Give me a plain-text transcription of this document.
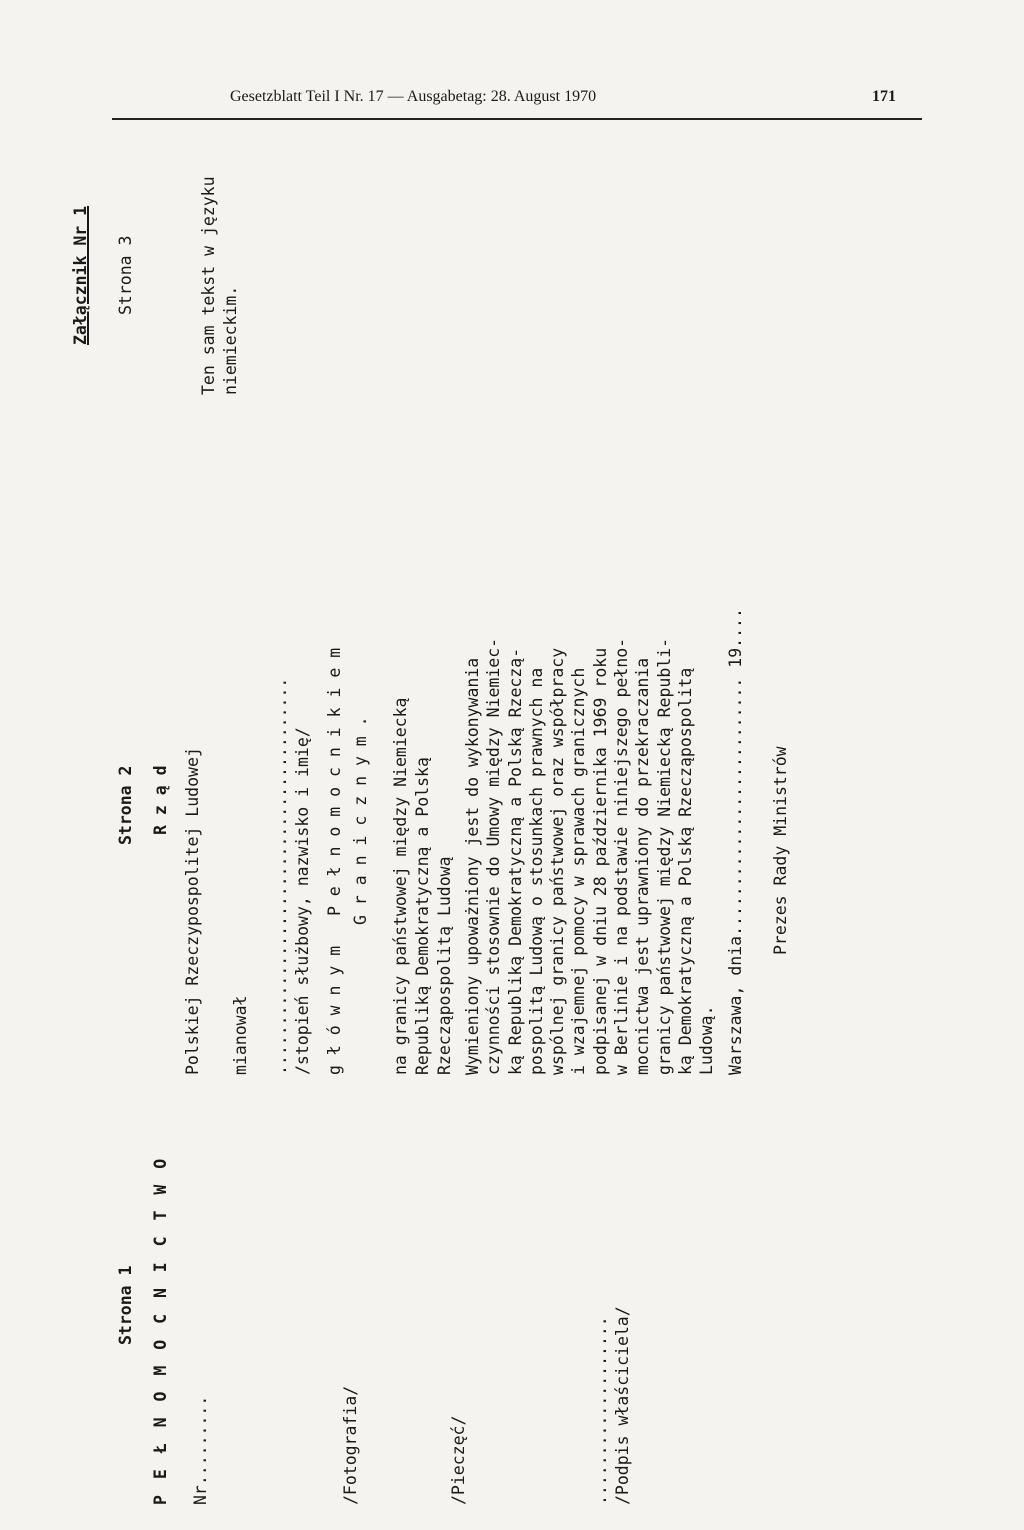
Gesetzblatt Teil I Nr. 17 — Ausgabetag: 28. August 1970	171
Strona 1 P E Ł N O M O C N I C T W O Nr.........	/Fotografia/	/Pieczęć/	................... /Podpis właściciela/
Strona 2 R z ą d Polskiej Rzeczypospolitej Ludowej mianował ........................................ /stopień służbowy, nazwisko i imię/ g ł ó w n y m   P e ł n o m o c n i k i e m G r a n i c z n y m .
na granicy państwowej między Niemiecką
Republiką Demokratyczną a Polską
Rzecząpospolitą Ludową
Wymieniony upoważniony jest do wykonywania
czynności stosownie do Umowy między Niemiec-
ką Republiką Demokratyczną a Polską Rzeczą-
pospolitą Ludową o stosunkach prawnych na
wspólnej granicy państwowej oraz współpracy
i wzajemnej pomocy w sprawach granicznych
podpisanej w dniu 28 października 1969 roku
w Berlinie i na podstawie niniejszego pełno-
mocnictwa jest uprawniony do przekraczania
granicy państwowej między Niemiecką Republi-
ką Demokratyczną a Polską Rzecząpospolitą
Ludową. Warszawa, dnia.......................... 19.... Prezes Rady Ministrów
Załącznik Nr 1 Strona 3
Ten sam tekst w języku
niemieckim.
